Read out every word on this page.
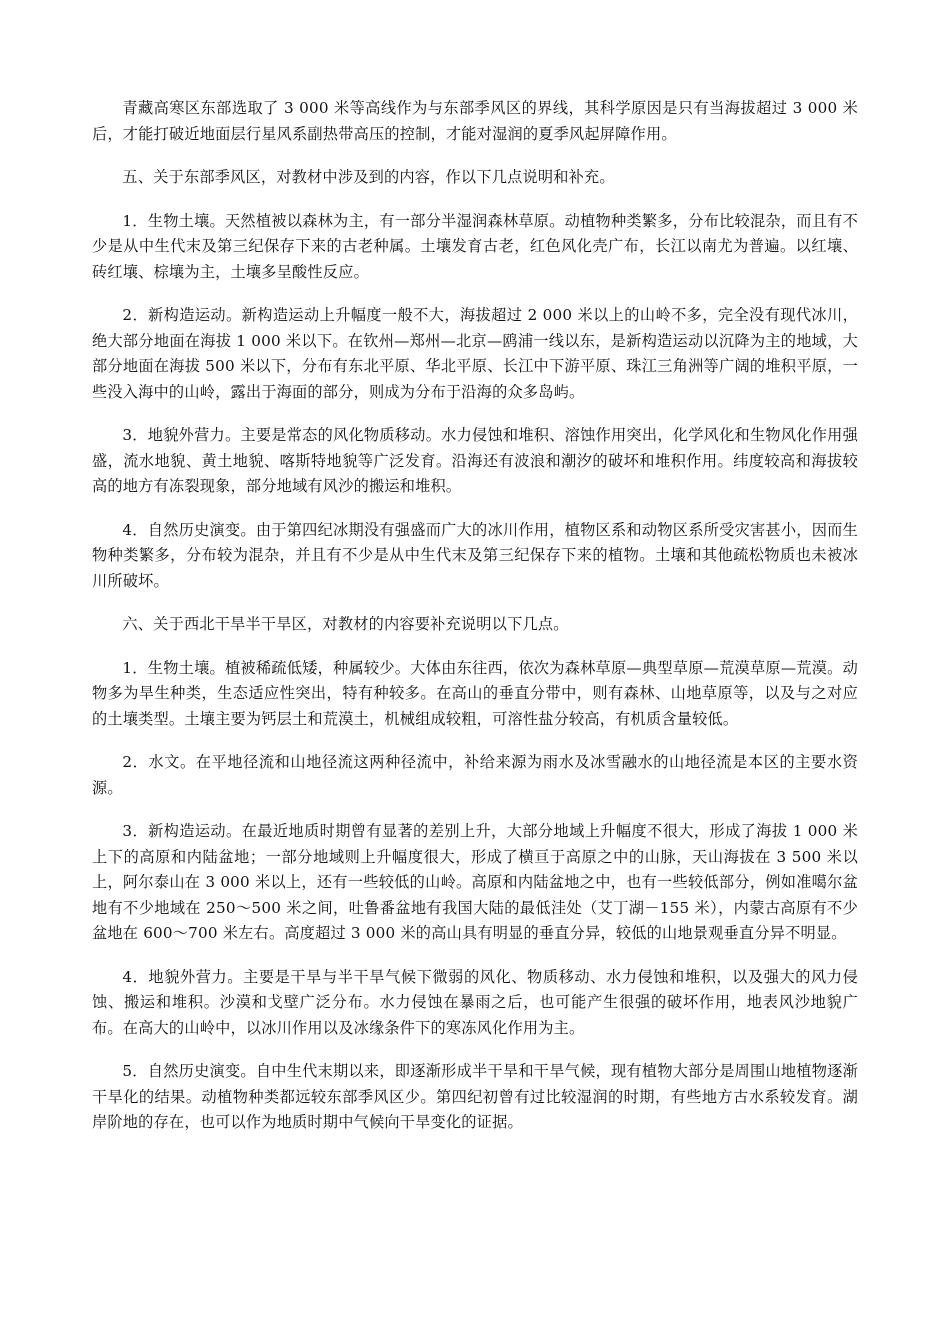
青藏高寒区东部选取了 3 000 米等高线作为与东部季风区的界线，其科学原因是只有当海拔超过 3 000 米后，才能打破近地面层行星风系副热带高压的控制，才能对湿润的夏季风起屏障作用。

五、关于东部季风区，对教材中涉及到的内容，作以下几点说明和补充。

1．生物土壤。天然植被以森林为主，有一部分半湿润森林草原。动植物种类繁多，分布比较混杂，而且有不少是从中生代末及第三纪保存下来的古老种属。土壤发育古老，红色风化壳广布，长江以南尤为普遍。以红壤、砖红壤、棕壤为主，土壤多呈酸性反应。

2．新构造运动。新构造运动上升幅度一般不大，海拔超过 2 000 米以上的山岭不多，完全没有现代冰川，绝大部分地面在海拔 1 000 米以下。在钦州—郑州—北京—鸥浦一线以东，是新构造运动以沉降为主的地域，大部分地面在海拔 500 米以下，分布有东北平原、华北平原、长江中下游平原、珠江三角洲等广阔的堆积平原，一些没入海中的山岭，露出于海面的部分，则成为分布于沿海的众多岛屿。

3．地貌外营力。主要是常态的风化物质移动。水力侵蚀和堆积、溶蚀作用突出，化学风化和生物风化作用强盛，流水地貌、黄土地貌、喀斯特地貌等广泛发育。沿海还有波浪和潮汐的破坏和堆积作用。纬度较高和海拔较高的地方有冻裂现象，部分地域有风沙的搬运和堆积。

4．自然历史演变。由于第四纪冰期没有强盛而广大的冰川作用，植物区系和动物区系所受灾害甚小，因而生物种类繁多，分布较为混杂，并且有不少是从中生代末及第三纪保存下来的植物。土壤和其他疏松物质也未被冰川所破坏。

六、关于西北干旱半干旱区，对教材的内容要补充说明以下几点。

1．生物土壤。植被稀疏低矮，种属较少。大体由东往西，依次为森林草原—典型草原—荒漠草原—荒漠。动物多为旱生种类，生态适应性突出，特有种较多。在高山的垂直分带中，则有森林、山地草原等，以及与之对应的土壤类型。土壤主要为钙层土和荒漠土，机械组成较粗，可溶性盐分较高，有机质含量较低。

2．水文。在平地径流和山地径流这两种径流中，补给来源为雨水及冰雪融水的山地径流是本区的主要水资源。

3．新构造运动。在最近地质时期曾有显著的差别上升，大部分地域上升幅度不很大，形成了海拔 1 000 米上下的高原和内陆盆地；一部分地域则上升幅度很大，形成了横亘于高原之中的山脉，天山海拔在 3 500 米以上，阿尔泰山在 3 000 米以上，还有一些较低的山岭。高原和内陆盆地之中，也有一些较低部分，例如准噶尔盆地有不少地域在 250～500 米之间，吐鲁番盆地有我国大陆的最低洼处（艾丁湖－155 米），内蒙古高原有不少盆地在 600～700 米左右。高度超过 3 000 米的高山具有明显的垂直分异，较低的山地景观垂直分异不明显。

4．地貌外营力。主要是干旱与半干旱气候下微弱的风化、物质移动、水力侵蚀和堆积，以及强大的风力侵蚀、搬运和堆积。沙漠和戈壁广泛分布。水力侵蚀在暴雨之后，也可能产生很强的破坏作用，地表风沙地貌广布。在高大的山岭中，以冰川作用以及冰缘条件下的寒冻风化作用为主。

5．自然历史演变。自中生代末期以来，即逐渐形成半干旱和干旱气候，现有植物大部分是周围山地植物逐渐干旱化的结果。动植物种类都远较东部季风区少。第四纪初曾有过比较湿润的时期，有些地方古水系较发育。湖岸阶地的存在，也可以作为地质时期中气候向干旱变化的证据。
